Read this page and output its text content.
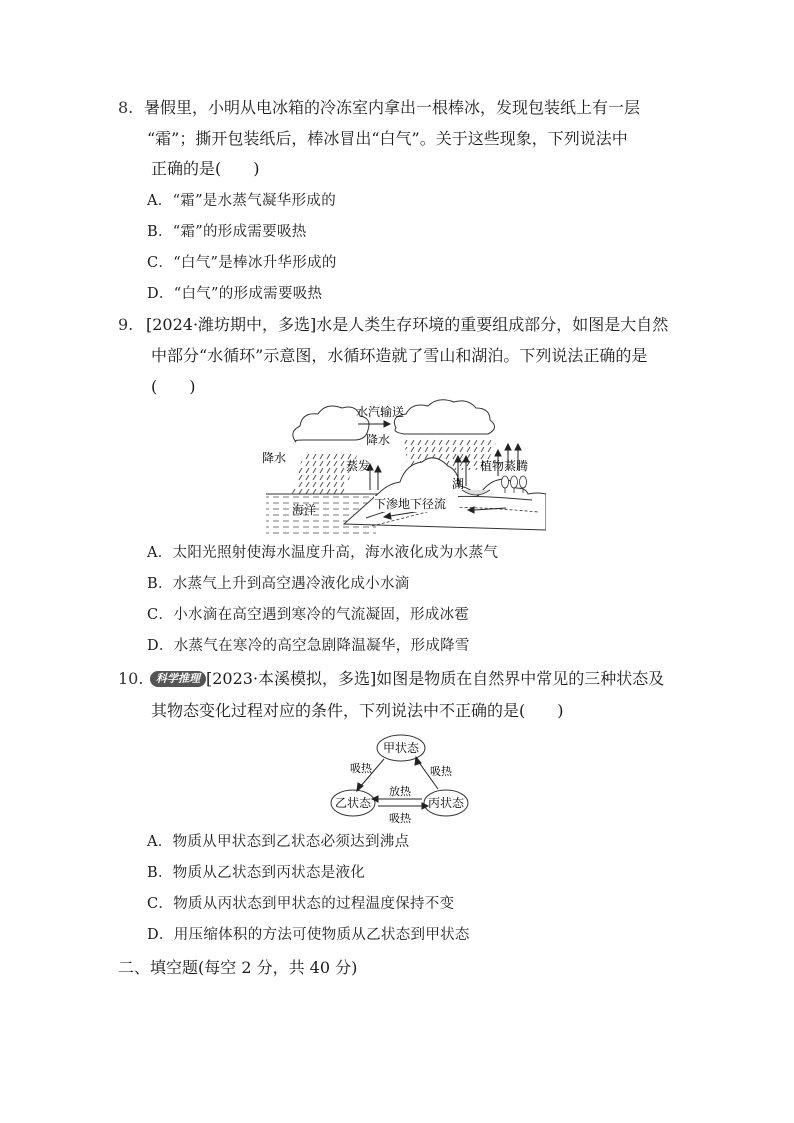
8. 暑假里，小明从电冰箱的冷冻室内拿出一根棒冰，发现包装纸上有一层
“霜”；撕开包装纸后，棒冰冒出“白气”。关于这些现象，下列说法中
正确的是(　　)
A．“霜”是水蒸气凝华形成的
B．“霜”的形成需要吸热
C．“白气”是棒冰升华形成的
D．“白气”的形成需要吸热
9. [2024·潍坊期中，多选]水是人类生存环境的重要组成部分，如图是大自然
中部分“水循环”示意图，水循环造就了雪山和湖泊。下列说法正确的是
(　　)
水汽输送
降水
降水
蒸发
湖
植物蒸腾
海洋	下渗地下径流
A．太阳光照射使海水温度升高，海水液化成为水蒸气
B．水蒸气上升到高空遇冷液化成小水滴
C．小水滴在高空遇到寒冷的气流凝固，形成冰雹
D．水蒸气在寒冷的高空急剧降温凝华，形成降雪
10. 科学推理 [2023·本溪模拟，多选]如图是物质在自然界中常见的三种状态及
其物态变化过程对应的条件，下列说法中不正确的是(　　)
甲状态
乙状态	丙状态
吸热	吸热
放热
吸热
A．物质从甲状态到乙状态必须达到沸点
B．物质从乙状态到丙状态是液化
C．物质从丙状态到甲状态的过程温度保持不变
D．用压缩体积的方法可使物质从乙状态到甲状态
二、填空题(每空 2 分，共 40 分)
